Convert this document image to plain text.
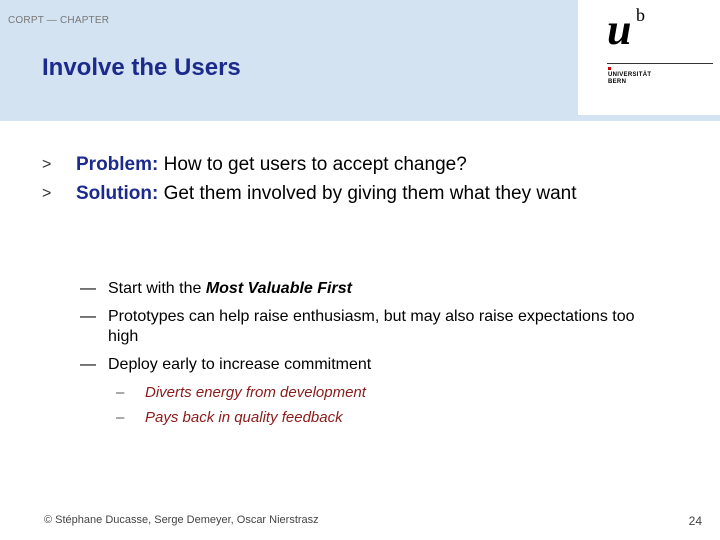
CORPT — CHAPTER
Involve the Users
u b
UNIVERSITÄT
BERN
> Problem: How to get users to accept change?
> Solution: Get them involved by giving them what they want
— Start with the Most Valuable First
— Prototypes can help raise enthusiasm, but may also raise expectations too high
— Deploy early to increase commitment
– Diverts energy from development
– Pays back in quality feedback
© Stéphane Ducasse, Serge Demeyer, Oscar Nierstrasz	24
